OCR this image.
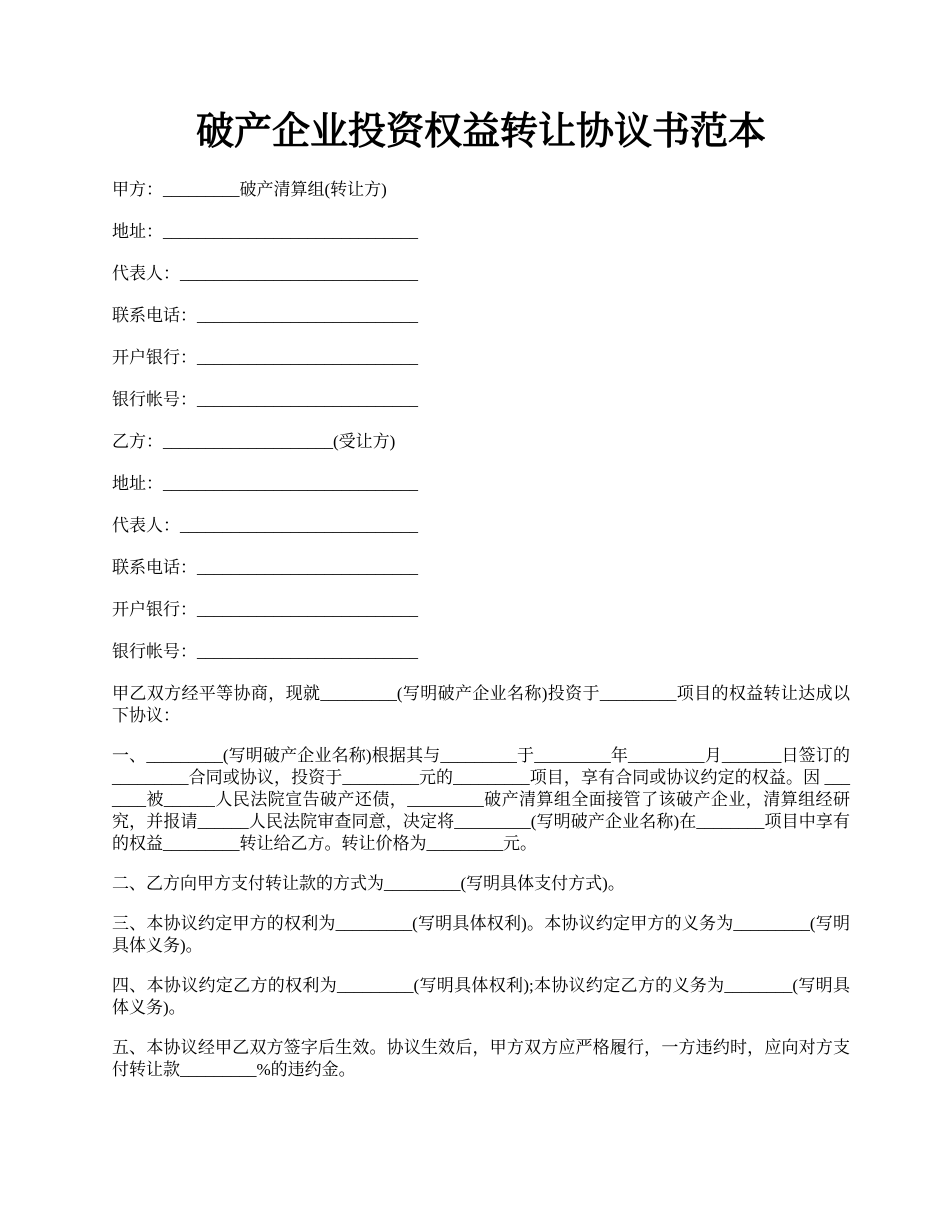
破产企业投资权益转让协议书范本

甲方：_________破产清算组(转让方)

地址：______________________________

代表人：____________________________

联系电话：__________________________

开户银行：__________________________

银行帐号：__________________________

乙方：____________________(受让方)

地址：______________________________

代表人：____________________________

联系电话：__________________________

开户银行：__________________________

银行帐号：__________________________

甲乙双方经平等协商，现就_________(写明破产企业名称)投资于_________项目的权益转让达成以下协议：

一、_________(写明破产企业名称)根据其与_________于_________年_________月_______日签订的_________合同或协议，投资于_________元的_________项目，享有合同或协议约定的权益。因 _______被______人民法院宣告破产还债，_________破产清算组全面接管了该破产企业，清算组经研究，并报请______人民法院审查同意，决定将_________(写明破产企业名称)在________项目中享有的权益_________转让给乙方。转让价格为_________元。

二、乙方向甲方支付转让款的方式为_________(写明具体支付方式)。

三、本协议约定甲方的权利为_________(写明具体权利)。本协议约定甲方的义务为_________(写明具体义务)。

四、本协议约定乙方的权利为_________(写明具体权利);本协议约定乙方的义务为________(写明具体义务)。

五、本协议经甲乙双方签字后生效。协议生效后，甲方双方应严格履行，一方违约时，应向对方支付转让款_________%的违约金。
